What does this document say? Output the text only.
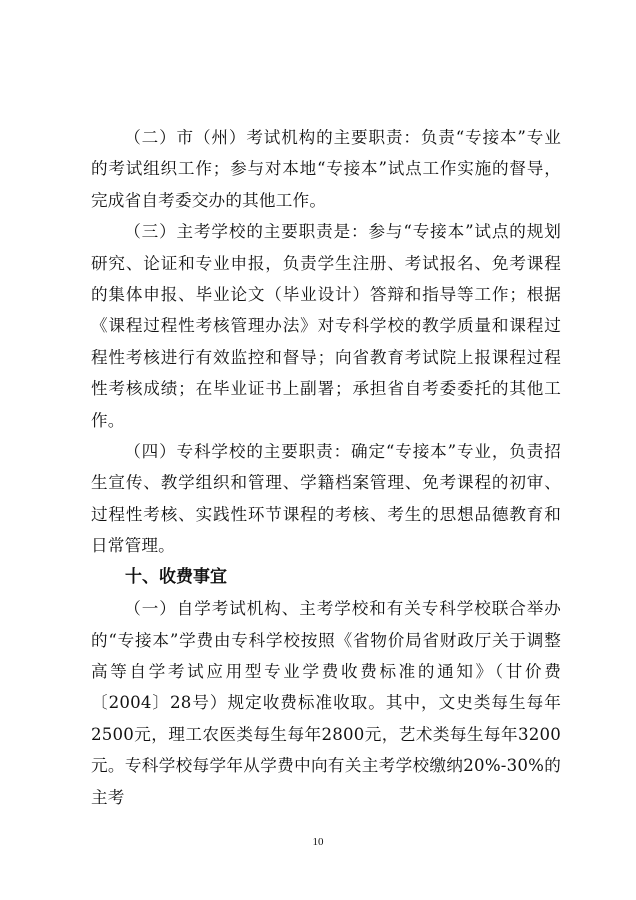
（二）市（州）考试机构的主要职责：负责“专接本”专业的考试组织工作；参与对本地“专接本”试点工作实施的督导，完成省自考委交办的其他工作。

（三）主考学校的主要职责是：参与“专接本”试点的规划研究、论证和专业申报，负责学生注册、考试报名、免考课程的集体申报、毕业论文（毕业设计）答辩和指导等工作；根据《课程过程性考核管理办法》对专科学校的教学质量和课程过程性考核进行有效监控和督导；向省教育考试院上报课程过程性考核成绩；在毕业证书上副署；承担省自考委委托的其他工作。

（四）专科学校的主要职责：确定“专接本”专业，负责招生宣传、教学组织和管理、学籍档案管理、免考课程的初审、过程性考核、实践性环节课程的考核、考生的思想品德教育和日常管理。

十、收费事宜

（一）自学考试机构、主考学校和有关专科学校联合举办的“专接本”学费由专科学校按照《省物价局省财政厅关于调整高等自学考试应用型专业学费收费标准的通知》（甘价费〔2004〕28号）规定收费标准收取。其中，文史类每生每年2500元，理工农医类每生每年2800元，艺术类每生每年3200元。专科学校每学年从学费中向有关主考学校缴纳20%-30%的主考

10
